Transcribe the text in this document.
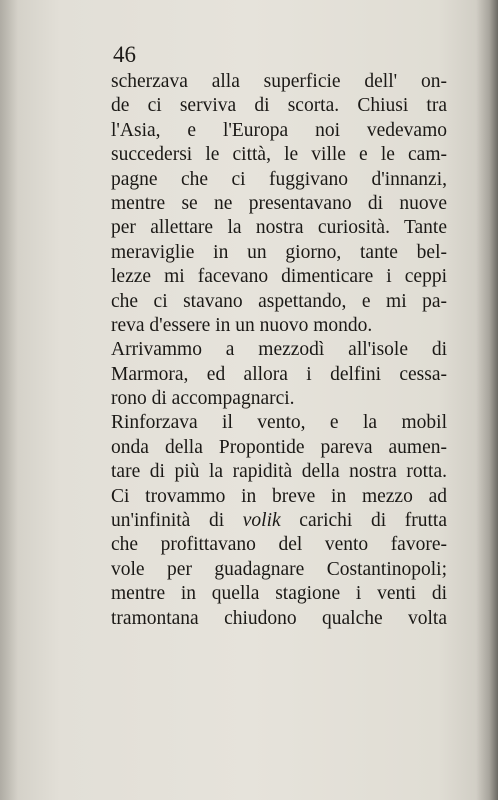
46
scherzava alla superficie dell' on-
de ci serviva di scorta. Chiusi tra
l'Asia, e l'Europa noi vedevamo
succedersi le città, le ville e le cam-
pagne che ci fuggivano d'innanzi,
mentre se ne presentavano di nuove
per allettare la nostra curiosità. Tante
meraviglie in un giorno, tante bel-
lezze mi facevano dimenticare i ceppi
che ci stavano aspettando, e mi pa-
reva d'essere in un nuovo mondo.
Arrivammo a mezzodì all'isole di
Marmora, ed allora i delfini cessa-
rono di accompagnarci.
Rinforzava il vento, e la mobil
onda della Propontide pareva aumen-
tare di più la rapidità della nostra rotta.
Ci trovammo in breve in mezzo ad
un'infinità di volik carichi di frutta
che profittavano del vento favore-
vole per guadagnare Costantinopoli;
mentre in quella stagione i venti di
tramontana chiudono qualche volta
